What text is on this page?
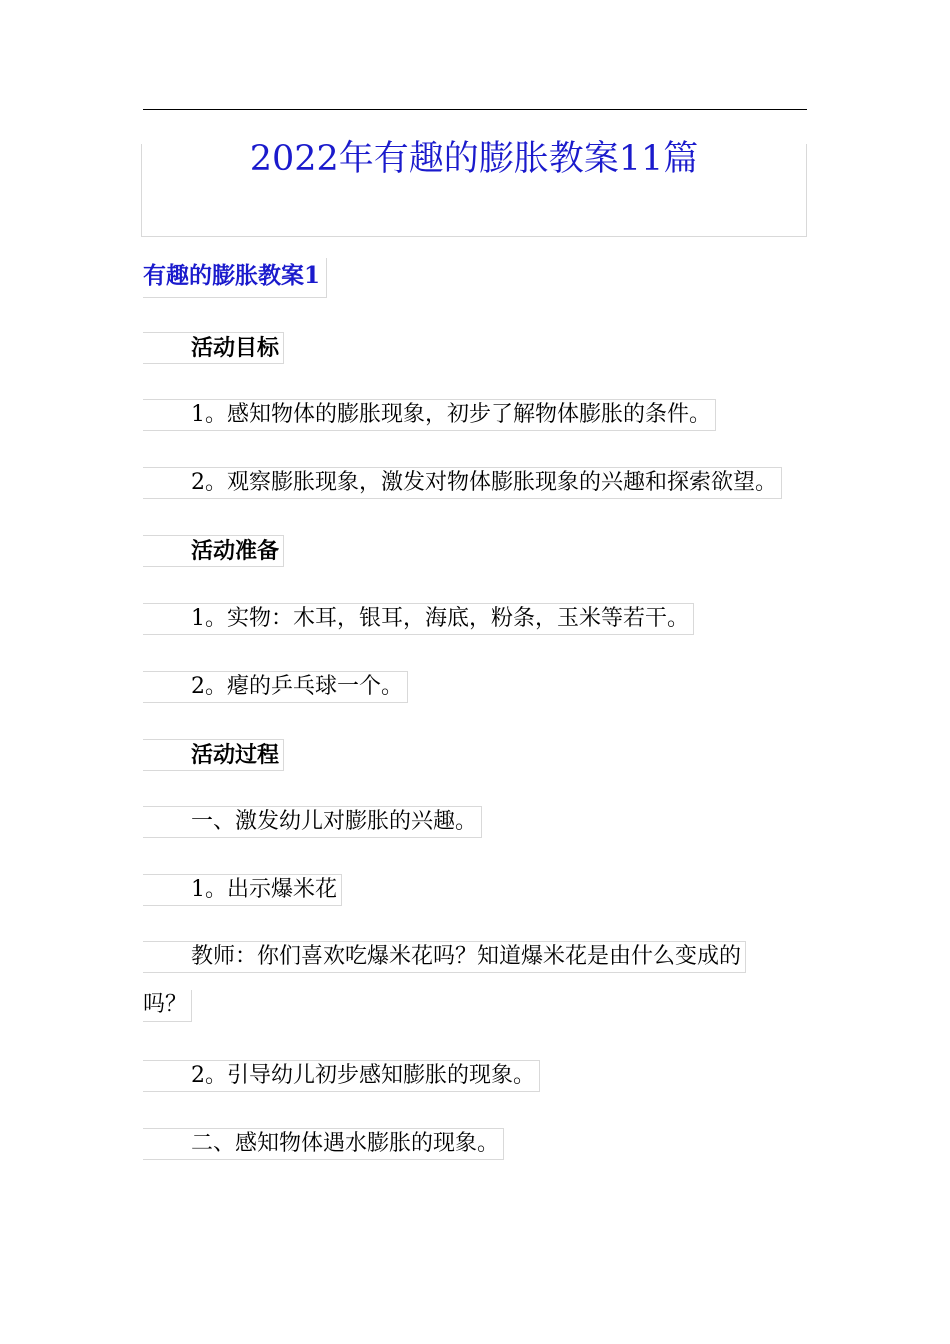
2022年有趣的膨胀教案11篇
有趣的膨胀教案1
活动目标
1。感知物体的膨胀现象，初步了解物体膨胀的条件。
2。观察膨胀现象，激发对物体膨胀现象的兴趣和探索欲望。
活动准备
1。实物：木耳，银耳，海底，粉条，玉米等若干。
2。瘪的乒乓球一个。
活动过程
一、激发幼儿对膨胀的兴趣。
1。出示爆米花
教师：你们喜欢吃爆米花吗？知道爆米花是由什么变成的
吗？
2。引导幼儿初步感知膨胀的现象。
二、感知物体遇水膨胀的现象。
